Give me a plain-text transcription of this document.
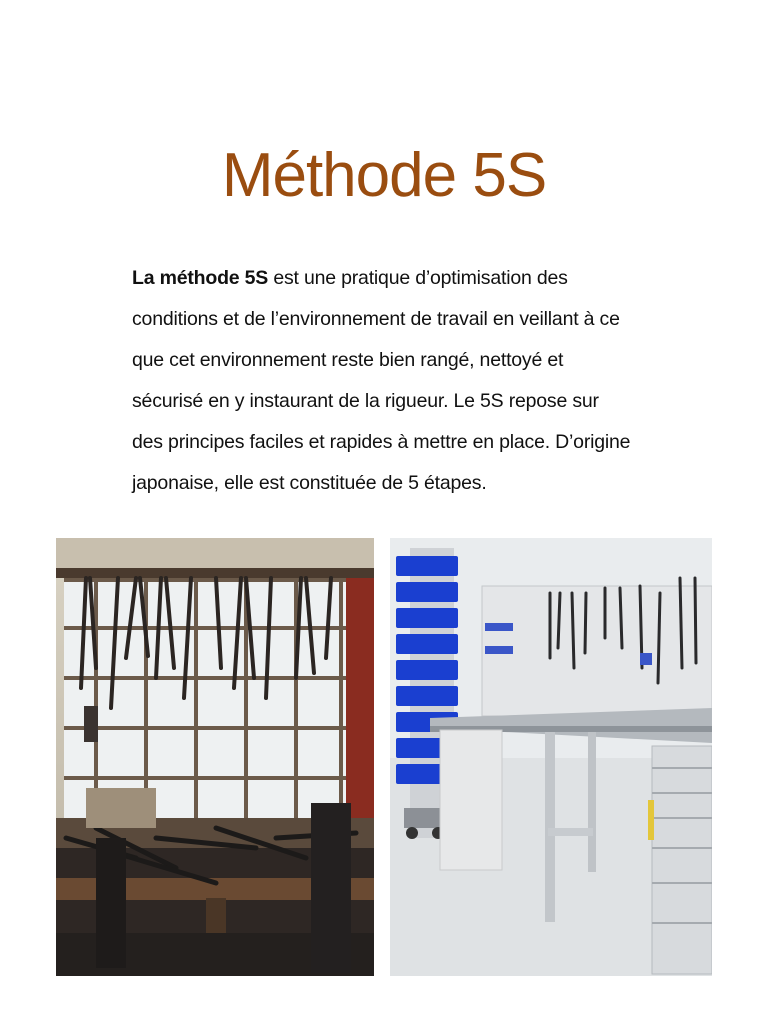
Méthode 5S

La méthode 5S est une pratique d’optimisation des conditions et de l’environnement de travail en veillant à ce que cet environnement reste bien rangé, nettoyé et sécurisé en y instaurant de la rigueur. Le 5S repose sur des principes faciles et rapides à mettre en place. D’origine japonaise, elle est constituée de 5 étapes.
